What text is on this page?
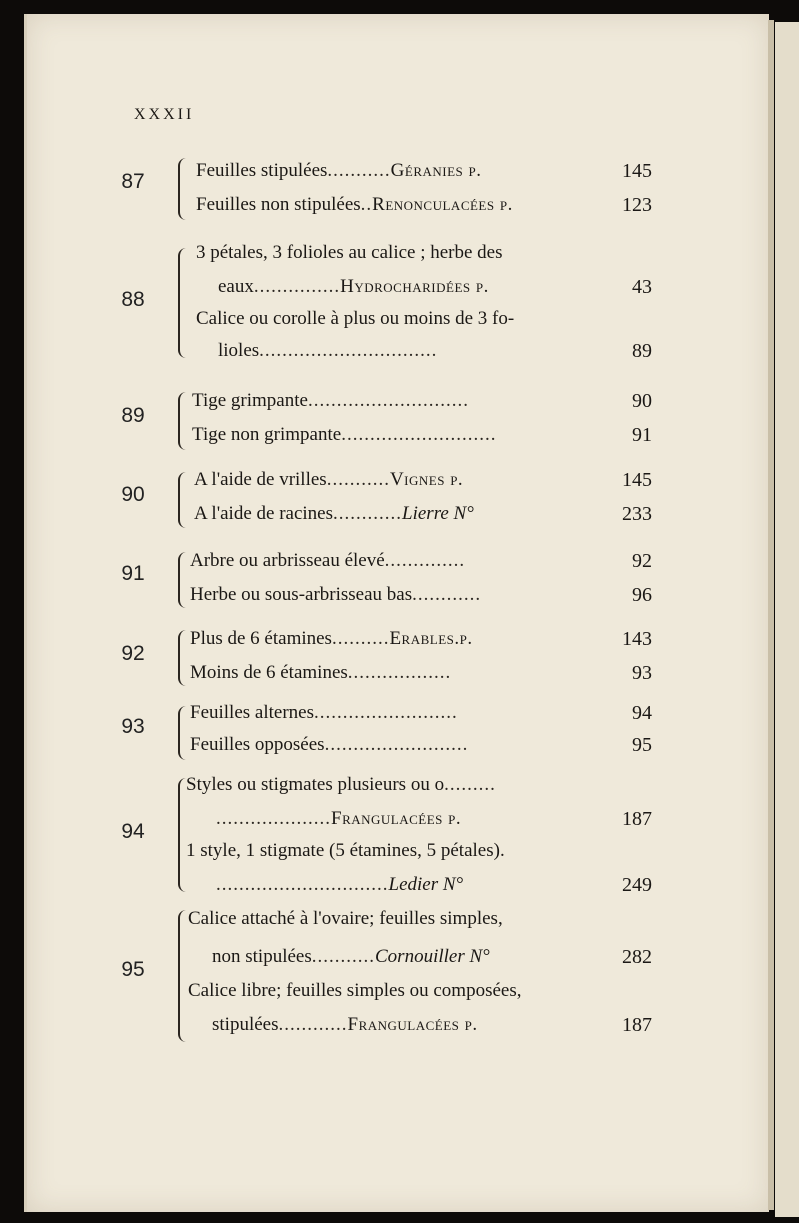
XXXII
87	Feuilles stipulées...........Géranies p.	145
Feuilles non stipulées..Renonculacées p.	123
88
3 pétales, 3 folioles au calice ; herbe des
eaux...............Hydrocharidées p.	43
Calice ou corolle à plus ou moins de 3 fo-
lioles...............................	89
89
Tige grimpante............................	90
Tige non grimpante...........................	91
90
A l'aide de vrilles...........Vignes p.	145
A l'aide de racines............Lierre N°	233
91
Arbre ou arbrisseau élevé..............	92
Herbe ou sous-arbrisseau bas............	96
92
Plus de 6 étamines..........Erables.p.	143
Moins de 6 étamines..................	93
93
Feuilles alternes.........................	94
Feuilles opposées.........................	95
94
Styles ou stigmates plusieurs ou o.........
....................Frangulacées p.	187
1 style, 1 stigmate (5 étamines, 5 pétales).
..............................Ledier N°	249
95
Calice attaché à l'ovaire; feuilles simples,
non stipulées...........Cornouiller N°	282
Calice libre; feuilles simples ou composées,
stipulées............Frangulacées p.	187
